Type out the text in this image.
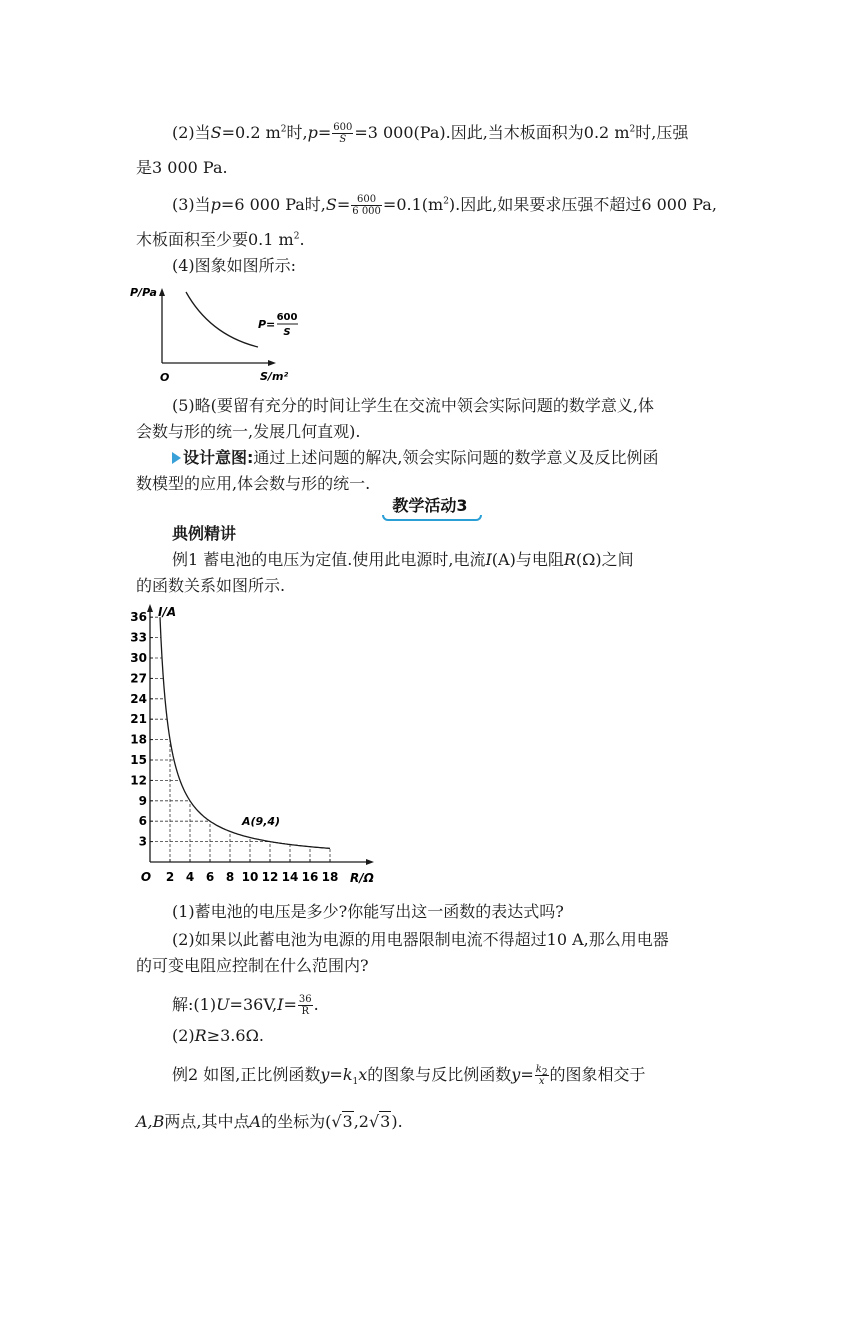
(2)当S=0.2 $m^2$时$,p= \frac{600}{S} =3$ 000(Pa).因此,当木板面积为0.2 $m^2$时,压强
是3 000 Pa.
(3)当p=6 000 Pa时$,S= \frac{600}{6 000} =0.1(m^2)$.因此,如果要求压强不超过6 000 Pa,
木板面积至少要0.1 $m^2$.
(4)图象如图所示:
P/Pa
S/m²
O
P=
600
S
(5)略(要留有充分的时间让学生在交流中领会实际问题的数学意义,体
会数与形的统一,发展几何直观).
设计意图:通过上述问题的解决,领会实际问题的数学意义及反比例函
数模型的应用,体会数与形的统一.
教学活动3
典例精讲
例1 蓄电池的电压为定值.使用此电源时,电流I(A)与电阻R(Ω)之间
的函数关系如图所示.
2 4 6 8 10 12 14 16 18
3
6
9
12
15
18
21
24
27
30
33
36 I/A
R/Ω
O
A(9,4)
(1)蓄电池的电压是多少?你能写出这一函数的表达式吗?
(2)如果以此蓄电池为电源的用电器限制电流不得超过10 A,那么用电器
的可变电阻应控制在什么范围内?
解:(1)U=36V,I= $\frac{36}{R}$ .
(2)R≥3.6Ω.
例2 如图,正比例函数$y=k_1x$的图象与反比例函数$y= \frac{k2}{x}$ 的图象相交于
A,B两点,其中点A的坐标为(√3,2√3).
